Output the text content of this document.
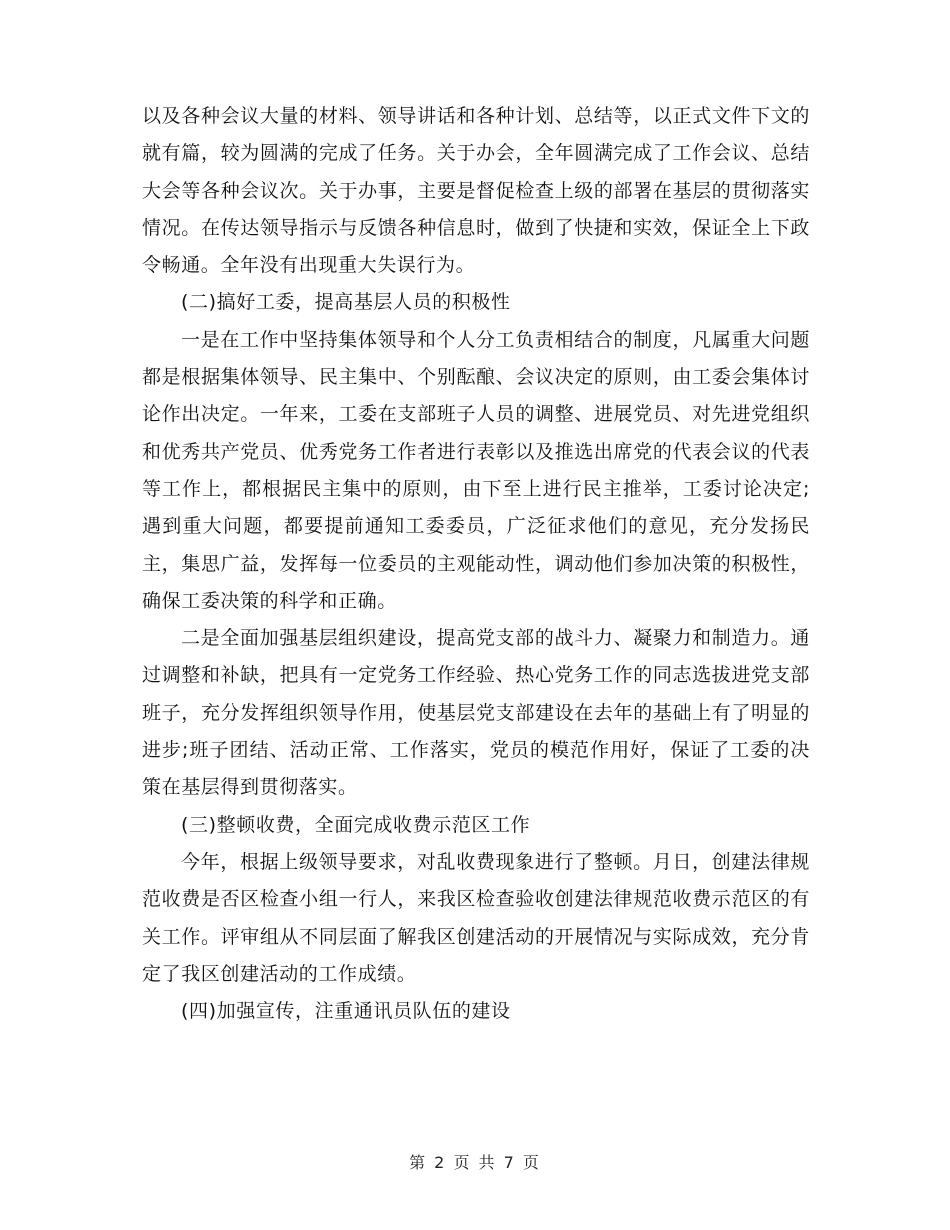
以及各种会议大量的材料、领导讲话和各种计划、总结等，以正式文件下文的就有篇，较为圆满的完成了任务。关于办会，全年圆满完成了工作会议、总结大会等各种会议次。关于办事，主要是督促检查上级的部署在基层的贯彻落实情况。在传达领导指示与反馈各种信息时，做到了快捷和实效，保证全上下政令畅通。全年没有出现重大失误行为。

(二)搞好工委，提高基层人员的积极性

一是在工作中坚持集体领导和个人分工负责相结合的制度，凡属重大问题都是根据集体领导、民主集中、个别酝酿、会议决定的原则，由工委会集体讨论作出决定。一年来，工委在支部班子人员的调整、进展党员、对先进党组织和优秀共产党员、优秀党务工作者进行表彰以及推选出席党的代表会议的代表等工作上，都根据民主集中的原则，由下至上进行民主推举，工委讨论决定;遇到重大问题，都要提前通知工委委员，广泛征求他们的意见，充分发扬民主，集思广益，发挥每一位委员的主观能动性，调动他们参加决策的积极性，确保工委决策的科学和正确。

二是全面加强基层组织建设，提高党支部的战斗力、凝聚力和制造力。通过调整和补缺，把具有一定党务工作经验、热心党务工作的同志选拔进党支部班子，充分发挥组织领导作用，使基层党支部建设在去年的基础上有了明显的进步;班子团结、活动正常、工作落实，党员的模范作用好，保证了工委的决策在基层得到贯彻落实。

(三)整顿收费，全面完成收费示范区工作

今年，根据上级领导要求，对乱收费现象进行了整顿。月日，创建法律规范收费是否区检查小组一行人，来我区检查验收创建法律规范收费示范区的有关工作。评审组从不同层面了解我区创建活动的开展情况与实际成效，充分肯定了我区创建活动的工作成绩。

(四)加强宣传，注重通讯员队伍的建设

第 2 页 共 7 页
